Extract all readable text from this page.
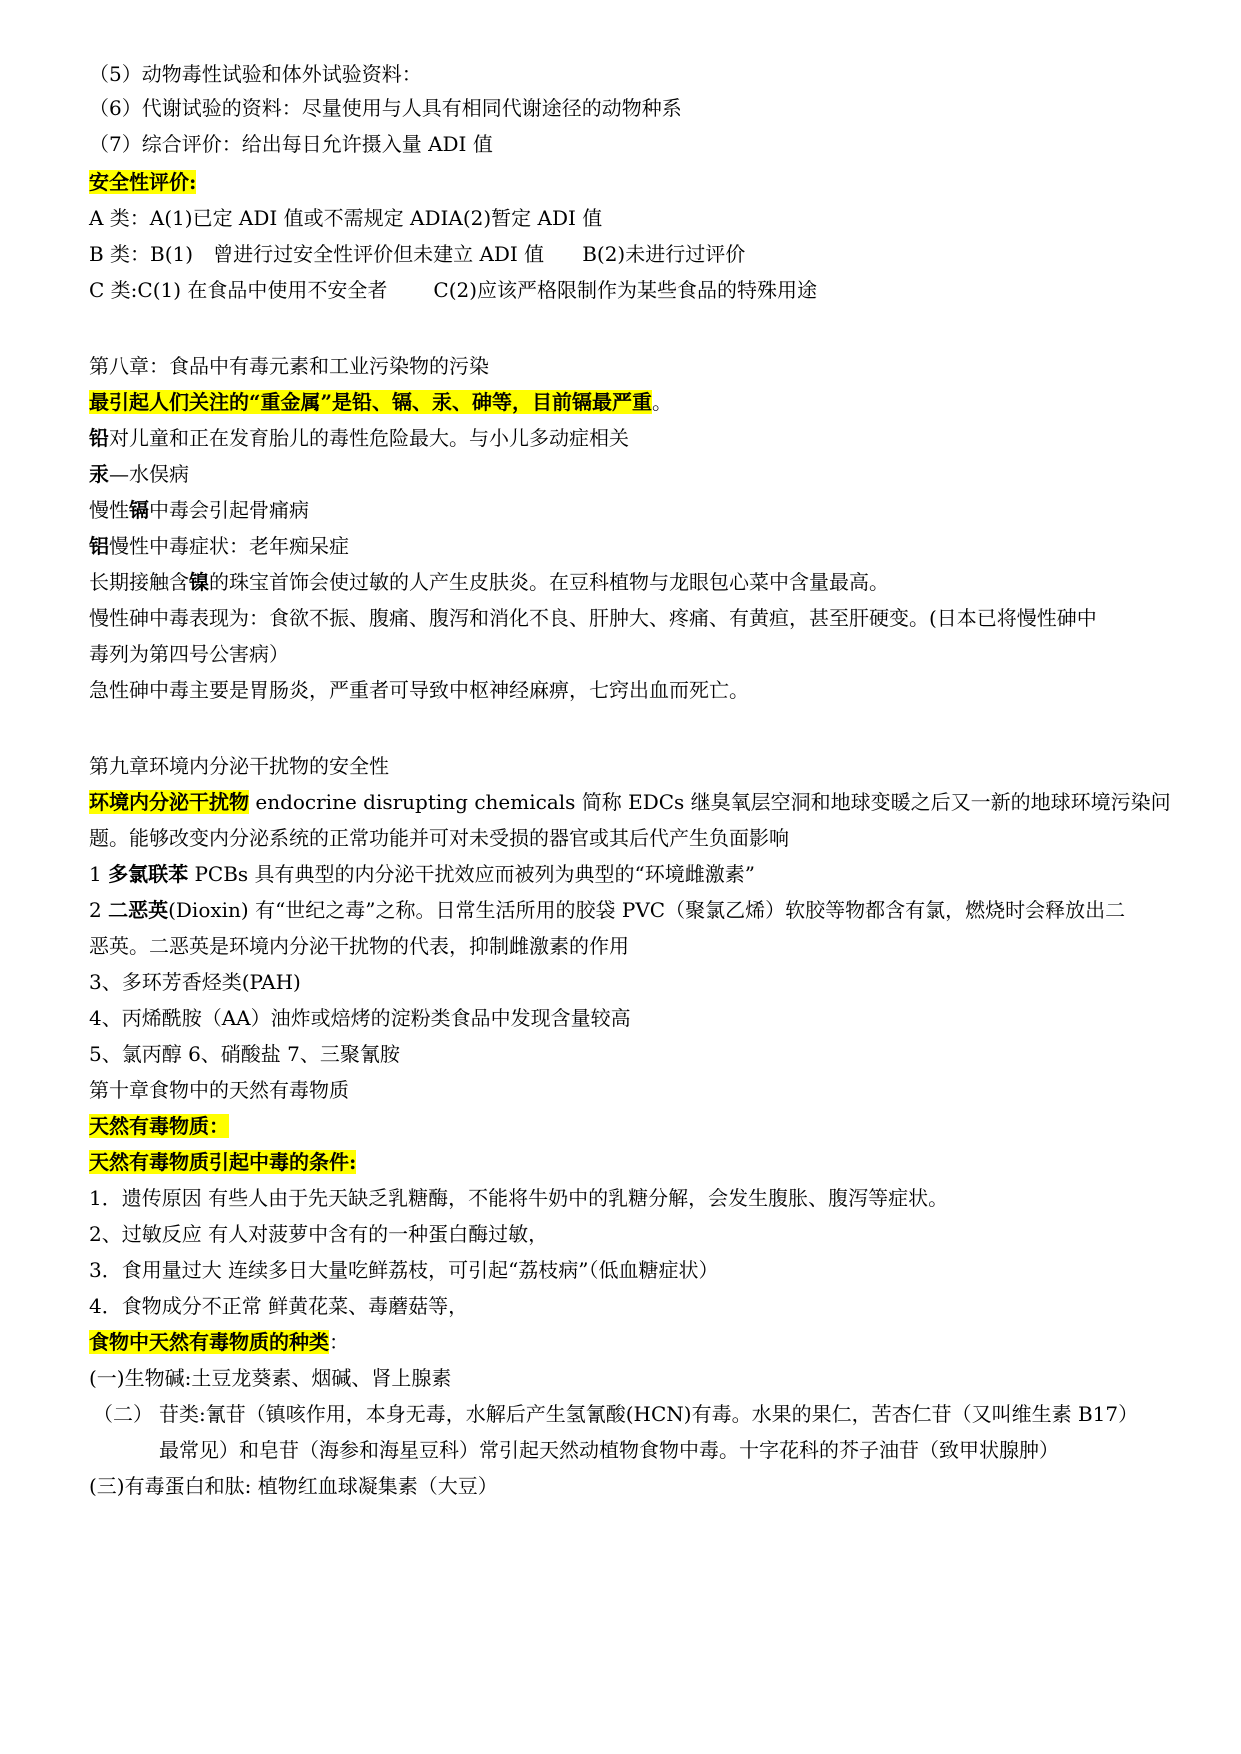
（5）动物毒性试验和体外试验资料：
（6）代谢试验的资料：尽量使用与人具有相同代谢途径的动物种系
（7）综合评价：给出每日允许摄入量 ADI 值
安全性评价:
A 类：A(1)已定 ADI 值或不需规定 ADIA(2)暂定 ADI 值
B 类：B(1)　曾进行过安全性评价但未建立 ADI 值 B(2)未进行过评价
C 类:C(1) 在食品中使用不安全者 C(2)应该严格限制作为某些食品的特殊用途
第八章：食品中有毒元素和工业污染物的污染
最引起人们关注的“重金属”是铅、镉、汞、砷等，目前镉最严重。
铅对儿童和正在发育胎儿的毒性危险最大。与小儿多动症相关
汞—水俣病
慢性镉中毒会引起骨痛病
铝慢性中毒症状：老年痴呆症
长期接触含镍的珠宝首饰会使过敏的人产生皮肤炎。在豆科植物与龙眼包心菜中含量最高。
慢性砷中毒表现为：食欲不振、腹痛、腹泻和消化不良、肝肿大、疼痛、有黄疸，甚至肝硬变。(日本已将慢性砷中
毒列为第四号公害病）
急性砷中毒主要是胃肠炎，严重者可导致中枢神经麻痹，七窍出血而死亡。
第九章环境内分泌干扰物的安全性
环境内分泌干扰物 endocrine disrupting chemicals 简称 EDCs 继臭氧层空洞和地球变暖之后又一新的地球环境污染问
题。能够改变内分泌系统的正常功能并可对未受损的器官或其后代产生负面影响
1 多氯联苯 PCBs 具有典型的内分泌干扰效应而被列为典型的“环境雌激素”
2 二恶英(Dioxin) 有“世纪之毒”之称。日常生活所用的胶袋 PVC（聚氯乙烯）软胶等物都含有氯，燃烧时会释放出二
恶英。二恶英是环境内分泌干扰物的代表，抑制雌激素的作用
3、多环芳香烃类(PAH)
4、丙烯酰胺（AA）油炸或焙烤的淀粉类食品中发现含量较高
5、氯丙醇 6、硝酸盐 7、三聚氰胺
第十章食物中的天然有毒物质
天然有毒物质：
天然有毒物质引起中毒的条件:
1．遗传原因 有些人由于先天缺乏乳糖酶，不能将牛奶中的乳糖分解，会发生腹胀、腹泻等症状。
2、过敏反应 有人对菠萝中含有的一种蛋白酶过敏，
3．食用量过大 连续多日大量吃鲜荔枝，可引起“荔枝病”（低血糖症状）
4．食物成分不正常 鲜黄花菜、毒蘑菇等，
食物中天然有毒物质的种类：
(一)生物碱:土豆龙葵素、烟碱、肾上腺素
（二） 苷类:氰苷（镇咳作用，本身无毒，水解后产生氢氰酸(HCN)有毒。水果的果仁，苦杏仁苷（又叫维生素 B17）
最常见）和皂苷（海参和海星豆科）常引起天然动植物食物中毒。十字花科的芥子油苷（致甲状腺肿）
(三)有毒蛋白和肽: 植物红血球凝集素（大豆）
